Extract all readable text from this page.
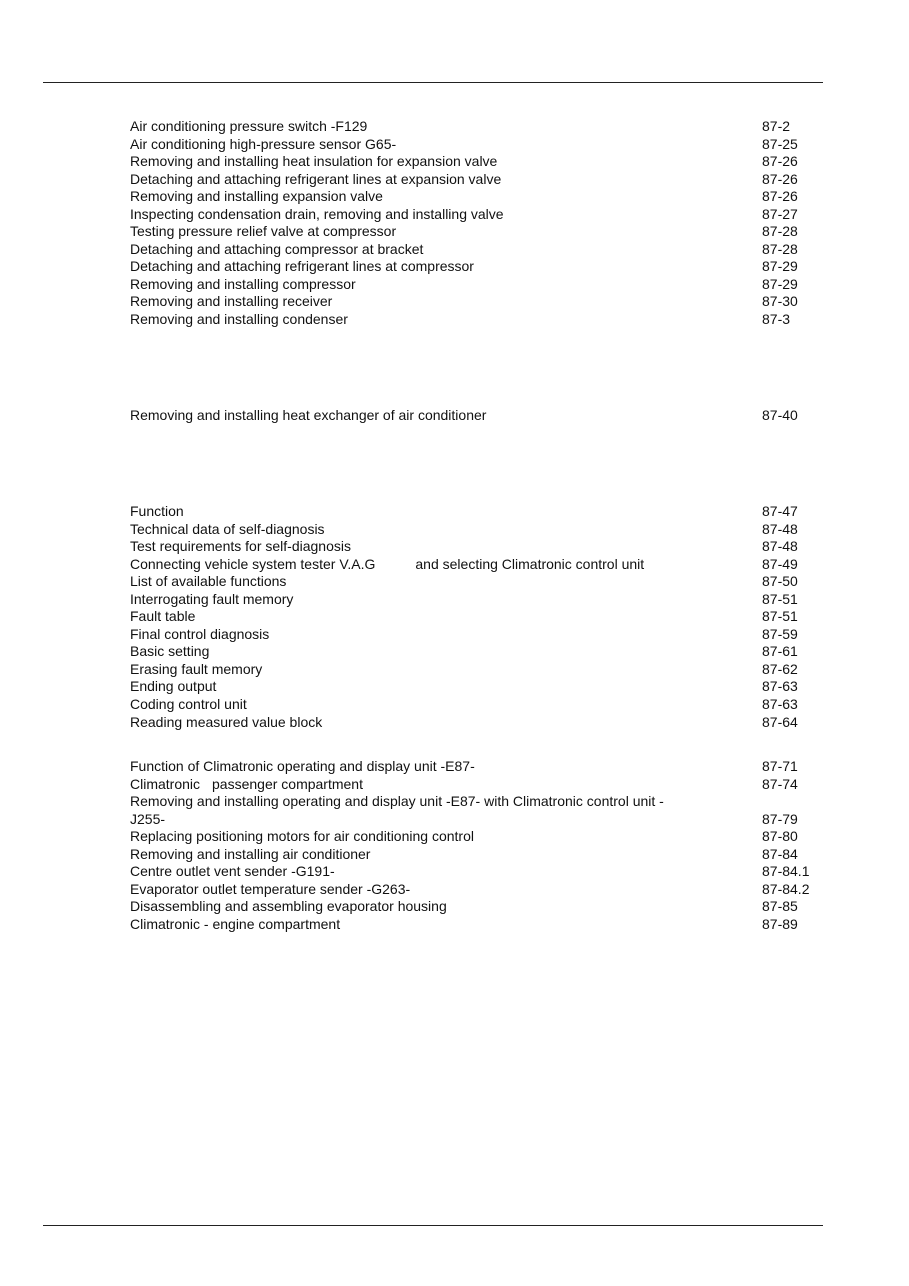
Air conditioning pressure switch -F129	87-2
Air conditioning high-pressure sensor G65-	87-25
Removing and installing heat insulation for expansion valve	87-26
Detaching and attaching refrigerant lines at expansion valve	87-26
Removing and installing expansion valve	87-26
Inspecting condensation drain, removing and installing valve	87-27
Testing pressure relief valve at compressor	87-28
Detaching and attaching compressor at bracket	87-28
Detaching and attaching refrigerant lines at compressor	87-29
Removing and installing compressor	87-29
Removing and installing receiver	87-30
Removing and installing condenser	87-3
Removing and installing heat exchanger of air conditioner	87-40
Function	87-47
Technical data of self-diagnosis	87-48
Test requirements for self-diagnosis	87-48
Connecting vehicle system tester V.A.G	and selecting Climatronic control unit	87-49
List of available functions	87-50
Interrogating fault memory	87-51
Fault table	87-51
Final control diagnosis	87-59
Basic setting	87-61
Erasing fault memory	87-62
Ending output	87-63
Coding control unit	87-63
Reading measured value block	87-64
Function of Climatronic operating and display unit -E87-	87-71
Climatronic passenger compartment	87-74
Removing and installing operating and display unit -E87- with Climatronic control unit -J255-	87-79
Replacing positioning motors for air conditioning control	87-80
Removing and installing air conditioner	87-84
Centre outlet vent sender -G191-	87-84.1
Evaporator outlet temperature sender -G263-	87-84.2
Disassembling and assembling evaporator housing	87-85
Climatronic - engine compartment	87-89
